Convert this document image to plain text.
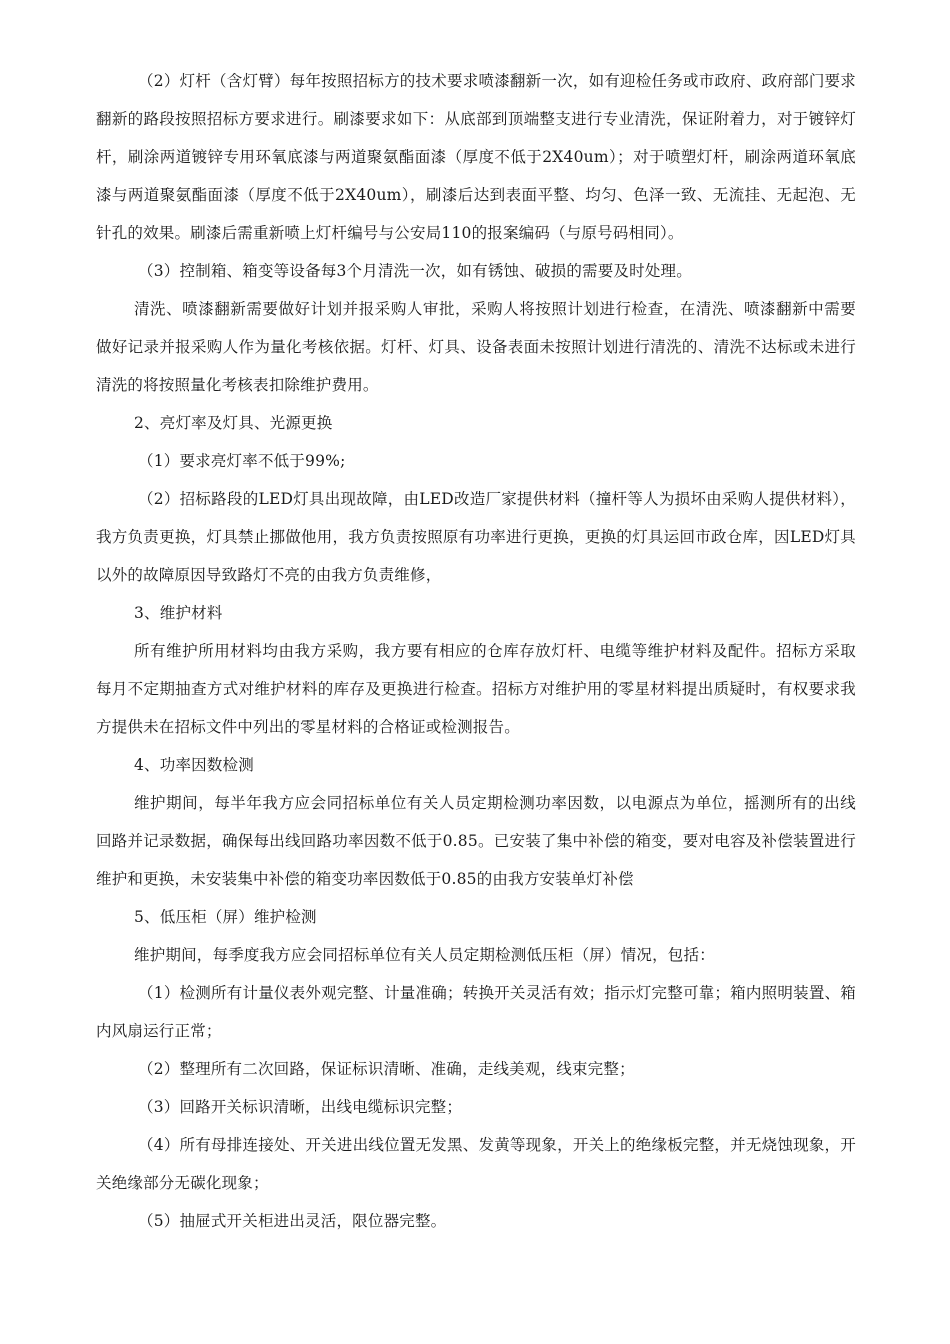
（2）灯杆（含灯臂）每年按照招标方的技术要求喷漆翻新一次，如有迎检任务或市政府、政府部门要求翻新的路段按照招标方要求进行。刷漆要求如下：从底部到顶端整支进行专业清洗，保证附着力，对于镀锌灯杆，刷涂两道镀锌专用环氧底漆与两道聚氨酯面漆（厚度不低于2X40um）；对于喷塑灯杆，刷涂两道环氧底漆与两道聚氨酯面漆（厚度不低于2X40um），刷漆后达到表面平整、均匀、色泽一致、无流挂、无起泡、无针孔的效果。刷漆后需重新喷上灯杆编号与公安局110的报案编码（与原号码相同）。

（3）控制箱、箱变等设备每3个月清洗一次，如有锈蚀、破损的需要及时处理。

清洗、喷漆翻新需要做好计划并报采购人审批，采购人将按照计划进行检查，在清洗、喷漆翻新中需要做好记录并报采购人作为量化考核依据。灯杆、灯具、设备表面未按照计划进行清洗的、清洗不达标或未进行清洗的将按照量化考核表扣除维护费用。

2、亮灯率及灯具、光源更换

（1）要求亮灯率不低于99%;

（2）招标路段的LED灯具出现故障，由LED改造厂家提供材料（撞杆等人为损坏由采购人提供材料），我方负责更换，灯具禁止挪做他用，我方负责按照原有功率进行更换，更换的灯具运回市政仓库，因LED灯具以外的故障原因导致路灯不亮的由我方负责维修，

3、维护材料

所有维护所用材料均由我方采购，我方要有相应的仓库存放灯杆、电缆等维护材料及配件。招标方采取每月不定期抽查方式对维护材料的库存及更换进行检查。招标方对维护用的零星材料提出质疑时，有权要求我方提供未在招标文件中列出的零星材料的合格证或检测报告。

4、功率因数检测

维护期间，每半年我方应会同招标单位有关人员定期检测功率因数，以电源点为单位，摇测所有的出线回路并记录数据，确保每出线回路功率因数不低于0.85。已安装了集中补偿的箱变，要对电容及补偿装置进行维护和更换，未安装集中补偿的箱变功率因数低于0.85的由我方安装单灯补偿

5、低压柜（屏）维护检测

维护期间，每季度我方应会同招标单位有关人员定期检测低压柜（屏）情况，包括：

（1）检测所有计量仪表外观完整、计量准确；转换开关灵活有效；指示灯完整可靠；箱内照明装置、箱内风扇运行正常；

（2）整理所有二次回路，保证标识清晰、准确，走线美观，线束完整；

（3）回路开关标识清晰，出线电缆标识完整；

（4）所有母排连接处、开关进出线位置无发黑、发黄等现象，开关上的绝缘板完整，并无烧蚀现象，开关绝缘部分无碳化现象；

（5）抽屉式开关柜进出灵活，限位器完整。
